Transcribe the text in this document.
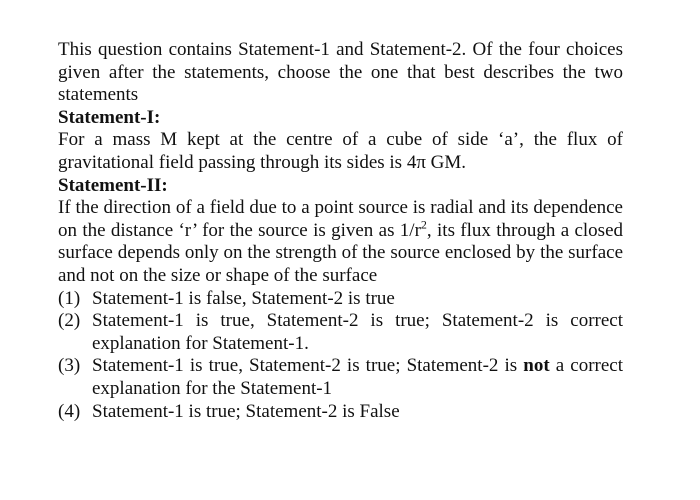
This question contains Statement-1 and Statement-2. Of the four choices given after the statements, choose the one that best describes the two statements

Statement-I:

For a mass M kept at the centre of a cube of side ‘a’, the flux of gravitational field passing through its sides is 4π GM.

Statement-II:

If the direction of a field due to a point source is radial and its dependence on the distance ‘r’ for the source is given as $1/r^2$, its flux through a closed surface depends only on the strength of the source enclosed by the surface and not on the size or shape of the surface

(1) Statement-1 is false, Statement-2 is true
(2) Statement-1 is true, Statement-2 is true; Statement-2 is correct explanation for Statement-1.
(3) Statement-1 is true, Statement-2 is true; Statement-2 is not a correct explanation for the Statement-1
(4) Statement-1 is true; Statement-2 is False
